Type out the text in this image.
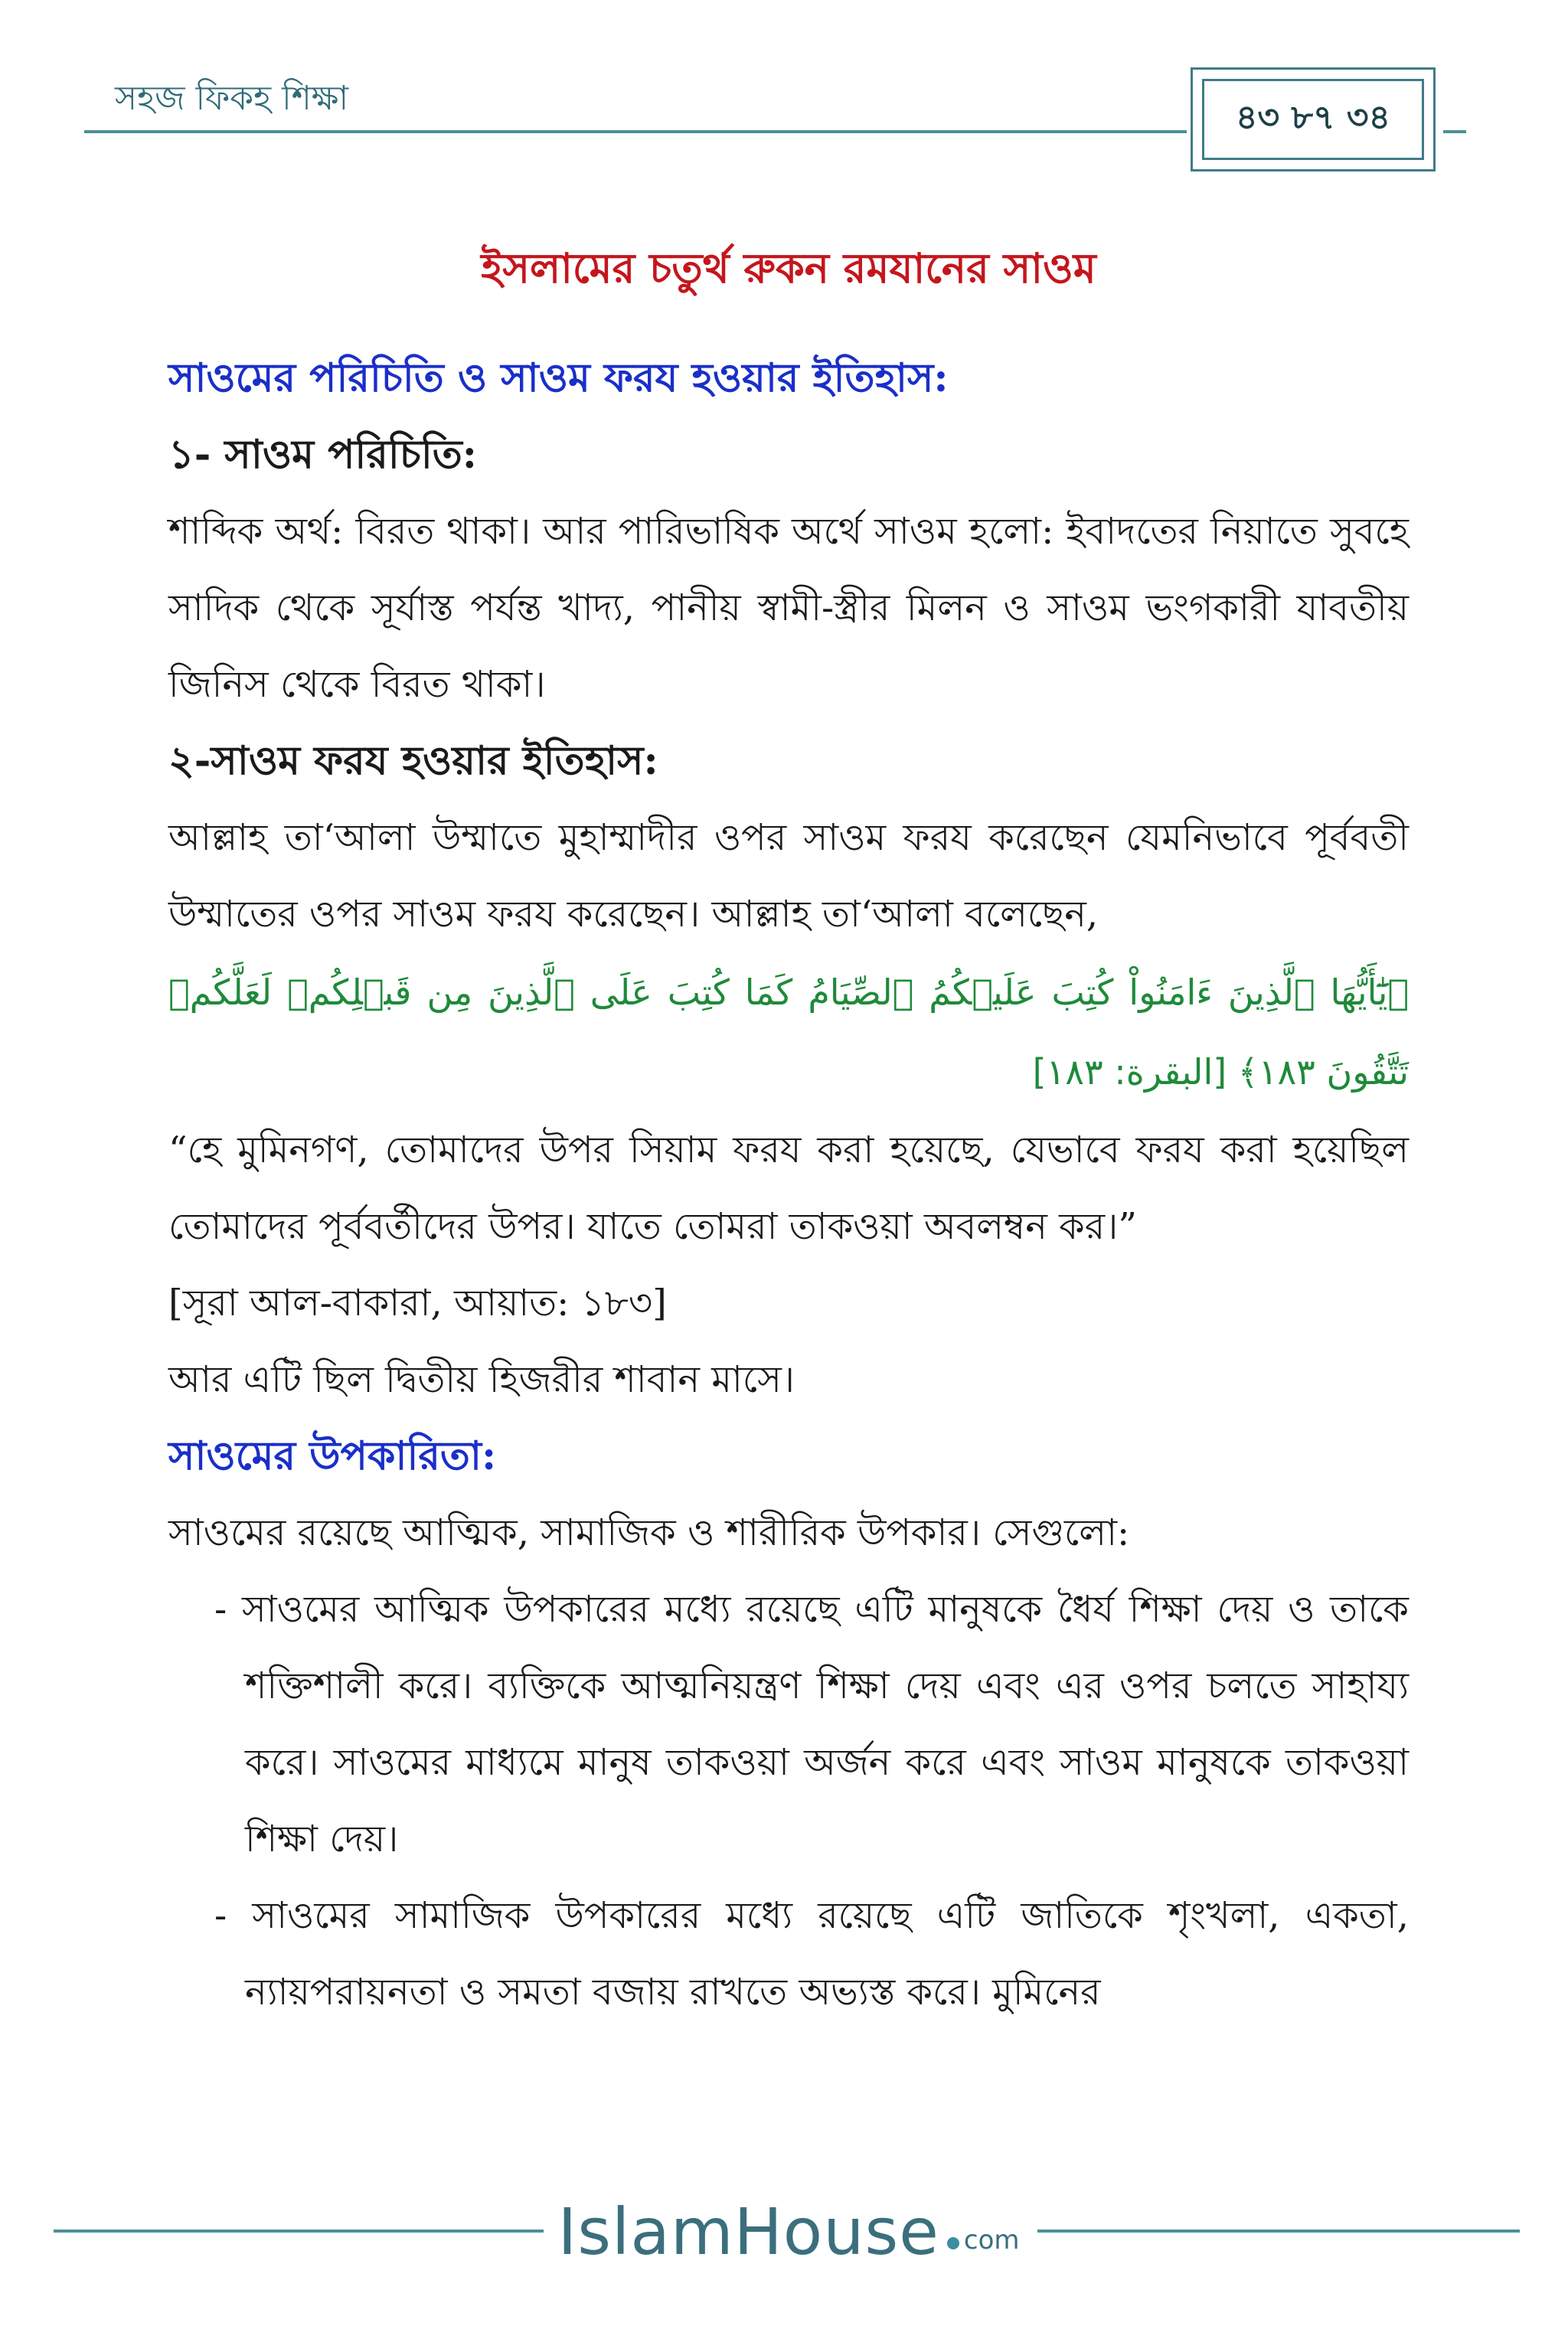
সহজ ফিকহ শিক্ষা	৪৩ ৮৭ ৩৪
ইসলামের চতুর্থ রুকন রমযানের সাওম

সাওমের পরিচিতি ও সাওম ফরয হওয়ার ইতিহাস:

১- সাওম পরিচিতি:

শাব্দিক অর্থ: বিরত থাকা। আর পারিভাষিক অর্থে সাওম হলো: ইবাদতের নিয়াতে সুবহে সাদিক থেকে সূর্যাস্ত পর্যন্ত খাদ্য, পানীয় স্বামী-স্ত্রীর মিলন ও সাওম ভংগকারী যাবতীয় জিনিস থেকে বিরত থাকা।

২-সাওম ফরয হওয়ার ইতিহাস:

আল্লাহ তা‘আলা উম্মাতে মুহাম্মাদীর ওপর সাওম ফরয করেছেন যেমনিভাবে পূর্ববতী উম্মাতের ওপর সাওম ফরয করেছেন। আল্লাহ তা‘আলা বলেছেন,

﴿يَٰٓأَيُّهَا ٱلَّذِينَ ءَامَنُواْ كُتِبَ عَلَيۡكُمُ ٱلصِّيَامُ كَمَا كُتِبَ عَلَى ٱلَّذِينَ مِن قَبۡلِكُمۡ لَعَلَّكُمۡ تَتَّقُونَ ١٨٣﴾ [البقرة: ١٨٣]

“হে মুমিনগণ, তোমাদের উপর সিয়াম ফরয করা হয়েছে, যেভাবে ফরয করা হয়েছিল তোমাদের পূর্ববর্তীদের উপর। যাতে তোমরা তাকওয়া অবলম্বন কর।”

[সূরা আল-বাকারা, আয়াত: ১৮৩]

আর এটি ছিল দ্বিতীয় হিজরীর শাবান মাসে।

সাওমের উপকারিতা:

সাওমের রয়েছে আত্মিক, সামাজিক ও শারীরিক উপকার। সেগুলো:

- সাওমের আত্মিক উপকারের মধ্যে রয়েছে এটি মানুষকে ধৈর্য শিক্ষা দেয় ও তাকে শক্তিশালী করে। ব্যক্তিকে আত্মনিয়ন্ত্রণ শিক্ষা দেয় এবং এর ওপর চলতে সাহায্য করে। সাওমের মাধ্যমে মানুষ তাকওয়া অর্জন করে এবং সাওম মানুষকে তাকওয়া শিক্ষা দেয়।

- সাওমের সামাজিক উপকারের মধ্যে রয়েছে এটি জাতিকে শৃংখলা, একতা, ন্যায়পরায়নতা ও সমতা বজায় রাখতে অভ্যস্ত করে। মুমিনের

IslamHouse com
